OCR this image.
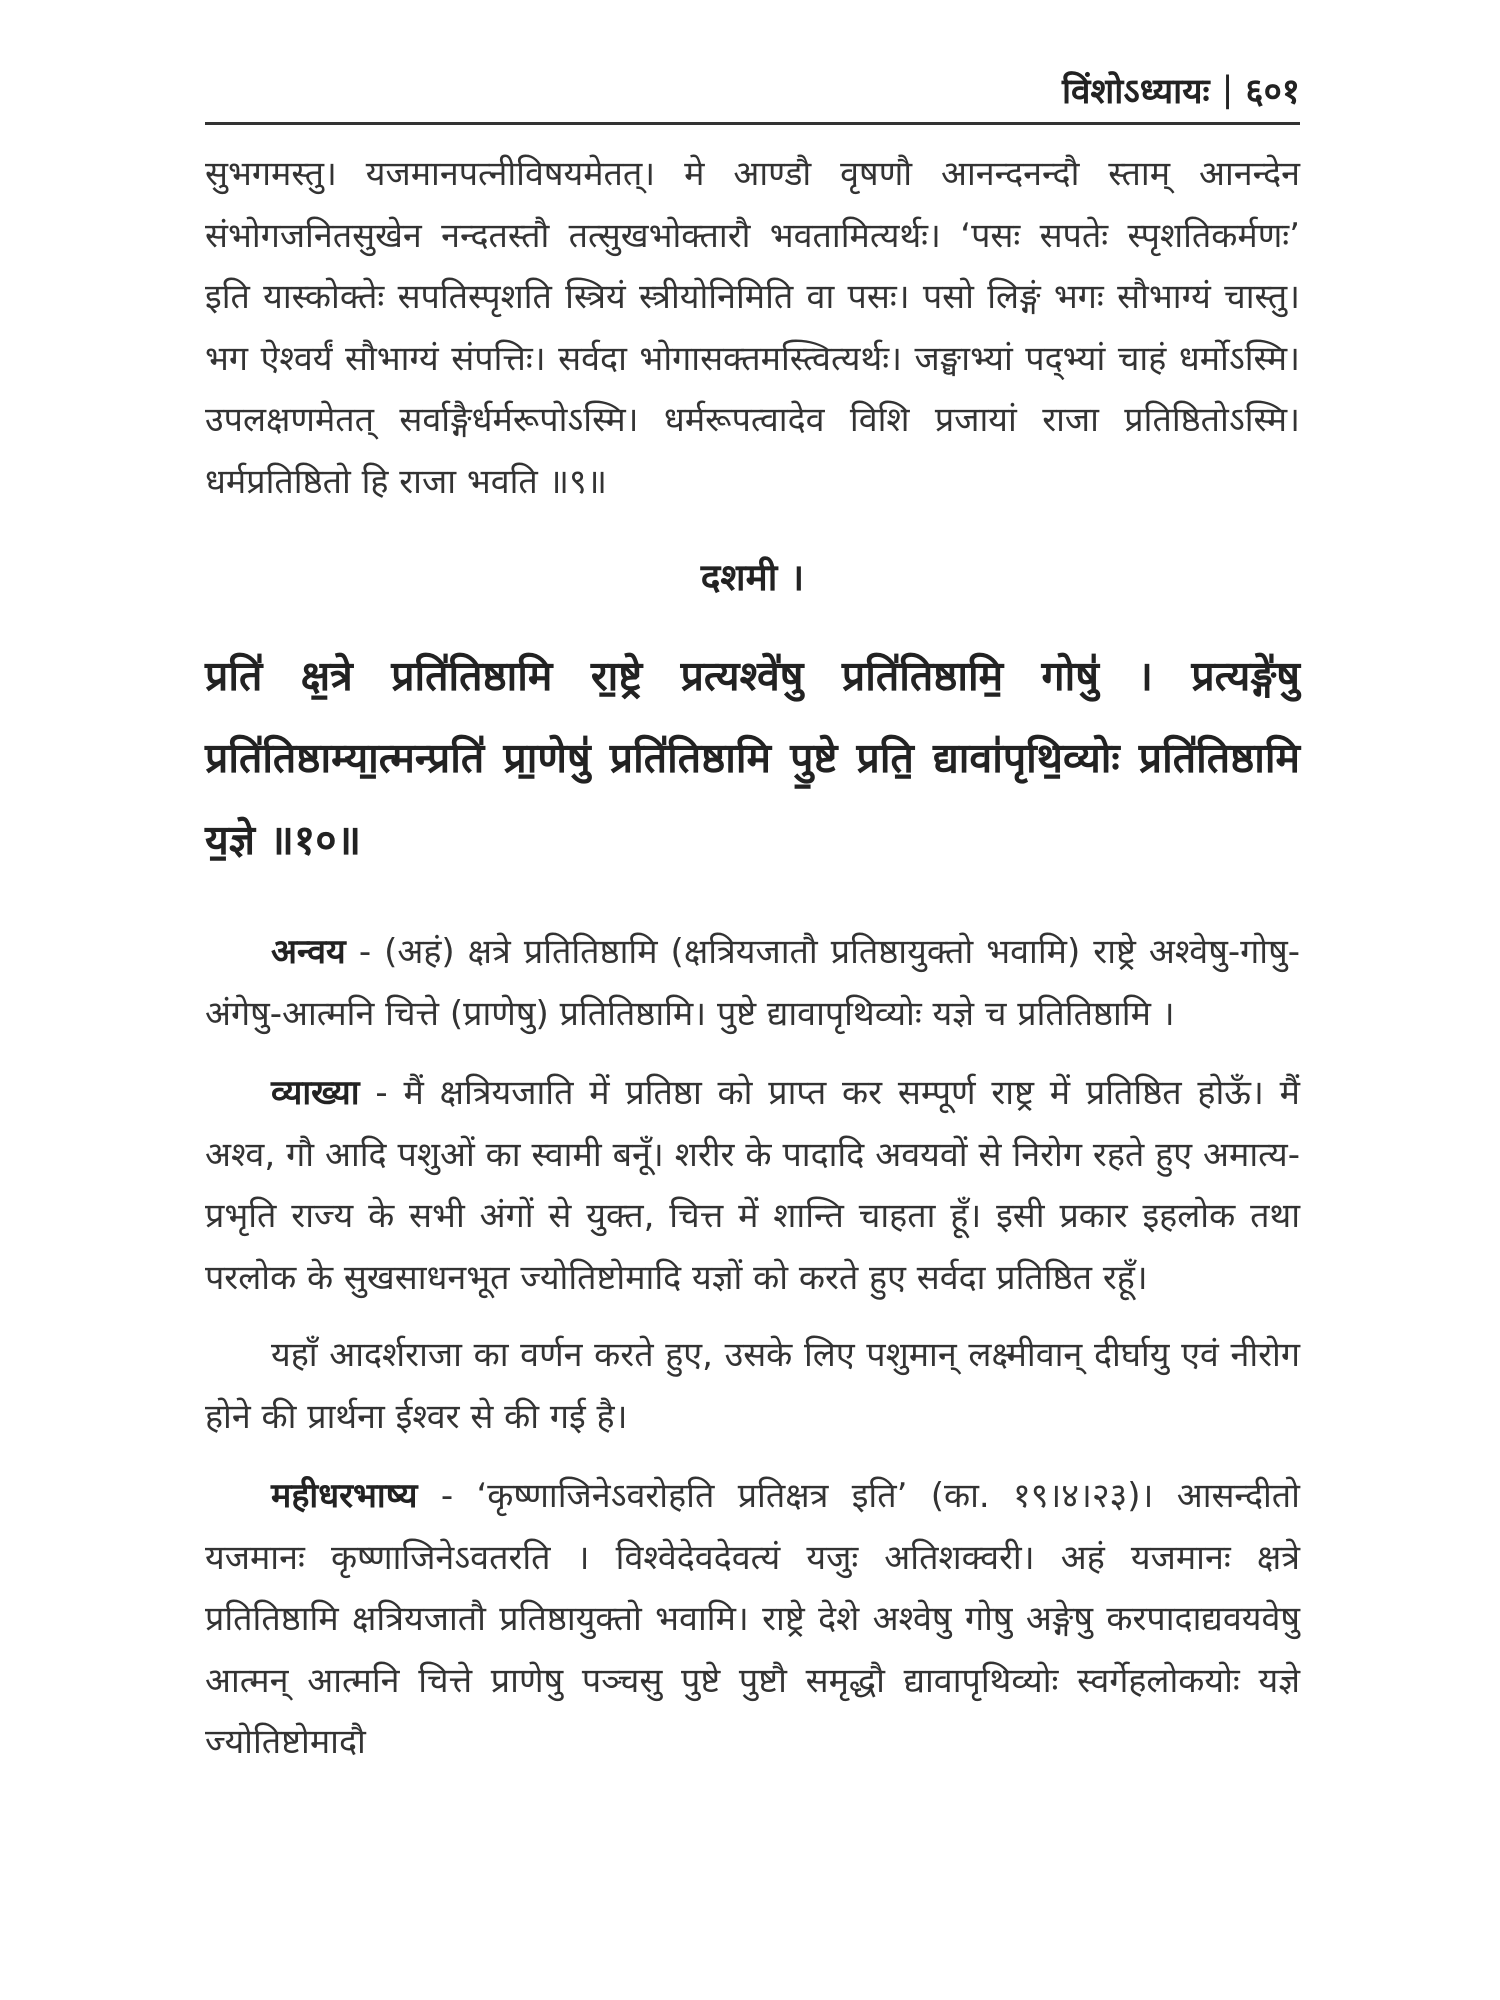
विंशोऽध्यायः | ६०१

सुभगमस्तु। यजमानपत्नीविषयमेतत्। मे आण्डौ वृषणौ आनन्दनन्दौ स्ताम् आनन्देन संभोगजनितसुखेन नन्दतस्तौ तत्सुखभोक्तारौ भवतामित्यर्थः। ‘पसः सपतेः स्पृशतिकर्मणः’ इति यास्कोक्तेः सपतिस्पृशति स्त्रियं स्त्रीयोनिमिति वा पसः। पसो लिङ्गं भगः सौभाग्यं चास्तु। भग ऐश्वर्यं सौभाग्यं संपत्तिः। सर्वदा भोगासक्तमस्त्वित्यर्थः। जङ्घाभ्यां पद्भ्यां चाहं धर्मोऽस्मि। उपलक्षणमेतत् सर्वाङ्गैर्धर्मरूपोऽस्मि। धर्मरूपत्वादेव विशि प्रजायां राजा प्रतिष्ठितोऽस्मि। धर्मप्रतिष्ठितो हि राजा भवति ॥९॥

दशमी ।

प्रति॑ क्ष॒त्रे प्रति॑तिष्ठामि रा॒ष्ट्रे प्रत्यश्वे॑षु प्रति॑तिष्ठामि॒ गोषु॑ । प्रत्यङ्गे॑षु प्रति॑तिष्ठाम्या॒त्मन्प्रति॑ प्रा॒णेषु॑ प्रति॑तिष्ठामि पु॒ष्टे प्रति॒ द्यावा॑पृथि॒व्योः प्रति॑तिष्ठामि य॒ज्ञे ॥१०॥

अन्वय - (अहं) क्षत्रे प्रतितिष्ठामि (क्षत्रियजातौ प्रतिष्ठायुक्तो भवामि) राष्ट्रे अश्वेषु-गोषु-अंगेषु-आत्मनि चित्ते (प्राणेषु) प्रतितिष्ठामि। पुष्टे द्यावापृथिव्योः यज्ञे च प्रतितिष्ठामि ।

व्याख्या - मैं क्षत्रियजाति में प्रतिष्ठा को प्राप्त कर सम्पूर्ण राष्ट्र में प्रतिष्ठित होऊँ। मैं अश्व, गौ आदि पशुओं का स्वामी बनूँ। शरीर के पादादि अवयवों से निरोग रहते हुए अमात्य-प्रभृति राज्य के सभी अंगों से युक्त, चित्त में शान्ति चाहता हूँ। इसी प्रकार इहलोक तथा परलोक के सुखसाधनभूत ज्योतिष्टोमादि यज्ञों को करते हुए सर्वदा प्रतिष्ठित रहूँ।

यहाँ आदर्शराजा का वर्णन करते हुए, उसके लिए पशुमान् लक्ष्मीवान् दीर्घायु एवं नीरोग होने की प्रार्थना ईश्वर से की गई है।

महीधरभाष्य - ‘कृष्णाजिनेऽवरोहति प्रतिक्षत्र इति’ (का. १९।४।२३)। आसन्दीतो यजमानः कृष्णाजिनेऽवतरति । विश्वेदेवदेवत्यं यजुः अतिशक्वरी। अहं यजमानः क्षत्रे प्रतितिष्ठामि क्षत्रियजातौ प्रतिष्ठायुक्तो भवामि। राष्ट्रे देशे अश्वेषु गोषु अङ्गेषु करपादाद्यवयवेषु आत्मन् आत्मनि चित्ते प्राणेषु पञ्चसु पुष्टे पुष्टौ समृद्धौ द्यावापृथिव्योः स्वर्गेहलोकयोः यज्ञे ज्योतिष्टोमादौ
